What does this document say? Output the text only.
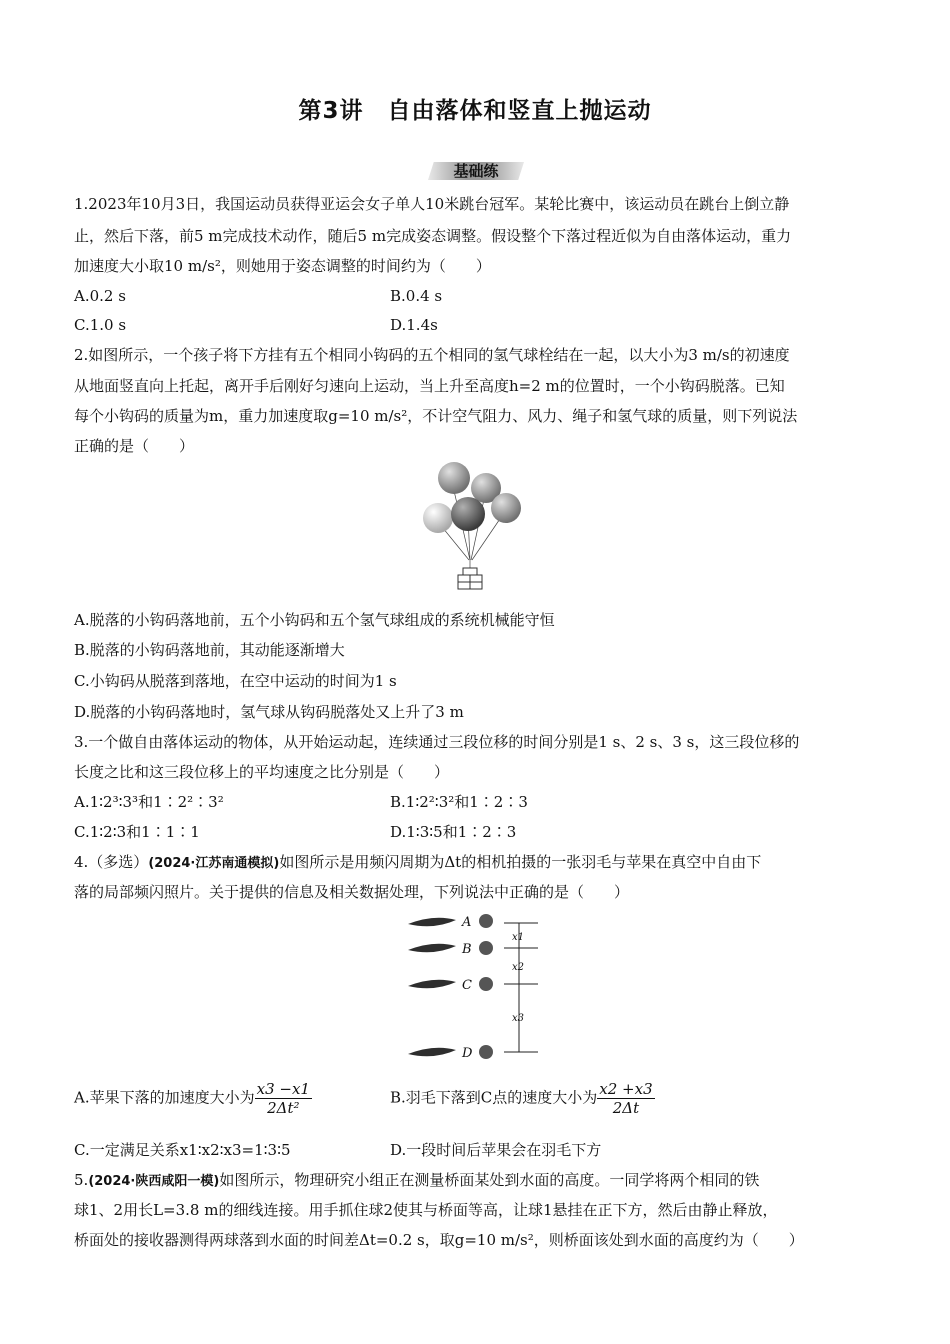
第3讲　自由落体和竖直上抛运动
基础练
1.2023年10月3日，我国运动员获得亚运会女子单人10米跳台冠军。某轮比赛中，该运动员在跳台上倒立静
止，然后下落，前5 m完成技术动作，随后5 m完成姿态调整。假设整个下落过程近似为自由落体运动，重力
加速度大小取10 m/s²，则她用于姿态调整的时间约为（　　）
A.0.2 s	B.0.4 s
C.1.0 s	D.1.4s
2.如图所示，一个孩子将下方挂有五个相同小钩码的五个相同的氢气球栓结在一起，以大小为3 m/s的初速度
从地面竖直向上托起，离开手后刚好匀速向上运动，当上升至高度h=2 m的位置时，一个小钩码脱落。已知
每个小钩码的质量为m，重力加速度取g=10 m/s²，不计空气阻力、风力、绳子和氢气球的质量，则下列说法
正确的是（　　）
A.脱落的小钩码落地前，五个小钩码和五个氢气球组成的系统机械能守恒
B.脱落的小钩码落地前，其动能逐渐增大
C.小钩码从脱落到落地，在空中运动的时间为1 s
D.脱落的小钩码落地时，氢气球从钩码脱落处又上升了3 m
3.一个做自由落体运动的物体，从开始运动起，连续通过三段位移的时间分别是1 s、2 s、3 s，这三段位移的
长度之比和这三段位移上的平均速度之比分别是（　　）
A.1∶2³∶3³和1∶2²∶3²	B.1∶2²∶3²和1∶2∶3
C.1∶2∶3和1∶1∶1	D.1∶3∶5和1∶2∶3
4.（多选）(2024·江苏南通模拟)如图所示是用频闪周期为Δt的相机拍摄的一张羽毛与苹果在真空中自由下
落的局部频闪照片。关于提供的信息及相关数据处理，下列说法中正确的是（　　）
A
B
C
D
x1
x2
x3
A.苹果下落的加速度大小为 $\frac{x3 -x1}{\text{2Δt²}}$	B.羽毛下落到C点的速度大小为 $\frac{x2 +x3}{2\Delta t}$
C.一定满足关系x1∶x2∶x3=1∶3∶5	D.一段时间后苹果会在羽毛下方
5.(2024·陕西咸阳一模)如图所示，物理研究小组正在测量桥面某处到水面的高度。一同学将两个相同的铁
球1、2用长L=3.8 m的细线连接。用手抓住球2使其与桥面等高，让球1悬挂在正下方，然后由静止释放，
桥面处的接收器测得两球落到水面的时间差Δt=0.2 s，取g=10 m/s²，则桥面该处到水面的高度约为（　　）
